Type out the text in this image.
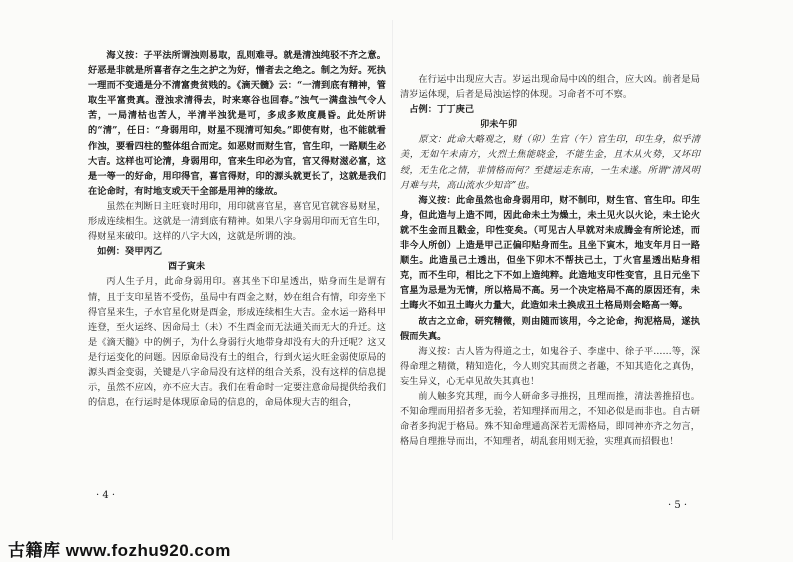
海义按：子平法所谓浊则易取，乱则难寻。就是清浊纯驳不齐之意。好恶是非就是所喜者存之生之护之为好，憎者去之绝之。制之为好。死执一理而不变通是分不清富贵贫贱的。《滴天髓》云：“一清到底有精神，管取生平富贵真。澄浊求清得去，时来寒谷也回春。”浊气一满盘浊气令人苦，一局清枯也苦人，半清半浊犹是可，多成多败度晨昏。此处所讲的“清”，任日：“身弱用印，财星不现清可知矣。”即使有财，也不能就看作浊，要看四柱的整体组合而定。如恶财而财生官，官生印，一路顺生必大吉。这样也可论清，身弱用印，官来生印必为官，官又得财滋必富，这是一等一的好命，用印得官，喜官得财，印的源头就更长了，这就是我们在论命时，有时地支或天干全部是用神的缘故。

虽然在判断日主旺衰时用印，用印就喜官星，喜官见官就容易财星，形成连续相生。这就是一清到底有精神。如果八字身弱用印而无官生印，得财星来破印。这样的八字大凶，这就是所谓的浊。

如例：癸甲丙乙

酉子寅未

丙人生子月，此命身弱用印。喜其坐下印星透出，贴身而生是谓有情，且于支印星皆不受伤，虽局中有酉金之财，妙在组合有情，印旁坐下得官星来生，子水官星化财是酉金，形成连续相生大吉。金水运一路科甲连登，至火运终、因命局土（未）不生酉金而无法通关而无大的升迁。这是《滴天髓》中的例子，为什么身弱行火地带身却没有大的升迁呢？这又是行运变化的问题。因原命局没有土的组合，行到火运火旺金弱使原局的源头酉金变弱，关键是八字命局没有这样的组合关系，没有这样的信息提示，虽然不应凶，亦不应大吉。我们在看命时一定要注意命局提供给我们的信息，在行运时是体现原命局的信息的，命局体现大吉的组合，

在行运中出现应大吉。岁运出现命局中凶的组合，应大凶。前者是局清岁运体现，后者是局浊运悖的体现。习命者不可不察。

占例：丁丁庚己

卯未午卯

原文：此命大略观之，财（卯）生官（午）官生印，印生身，似乎清美，无如午未南方，火烈土焦能晓金，不能生金，且木从火势，又坏印绶，无生化之情，非情格而何？至捷运走东南，一生未遂。所谓“清风明月难与共，高山流水少知音”也。

海义按：此命虽然也命身弱用印，财不制印，财生官、官生印。印生身，但此造与上造不同，因此命未土为燥土，未土见火以火论，未土论火就不生金而且戳金，印性变矣。（可见古人早就对未成腾金有所论述，而非今人所创）上造是甲己正偏印贴身而生。且坐下寅木，地支年月日一路顺生。此造虽己土透出，但坐下卯木不帮扶己土，丁火官星透出贴身相克，而不生印，相比之下不如上造纯粹。此造地支印性变官，且日元坐下官星为忌是为无情，所以格局不高。另一个决定格局不高的原因还有，未土晦火不如丑土晦火力量大，此造如未土换成丑土格局则会略高一筹。

故古之立命，研究精微，则由随而该用，今之论命，拘泥格局，遂执假而失真。

海义按：古人皆为得道之士，如鬼谷子、李虚中、徐子平……等，深得命理之精微，精知造化，今人则究其而贯之者趣，不知其造化之真伪，妄生异义，心无卓见故失其真也！

前人触多究其理，而今人研命多寻推拐，且理而推，清法善推招也。不知命理而用招者多无验，若知理择而用之，不知必似是而非也。自古研命者多拘泥于格局。殊不知命理通高深若无需格局，即同神亦齐之勿言，格局自理推导而出，不知理者，胡乱套用则无验，实理真而招假也！

· 4 ·
· 5 ·
古籍库 www.fozhu920.com
